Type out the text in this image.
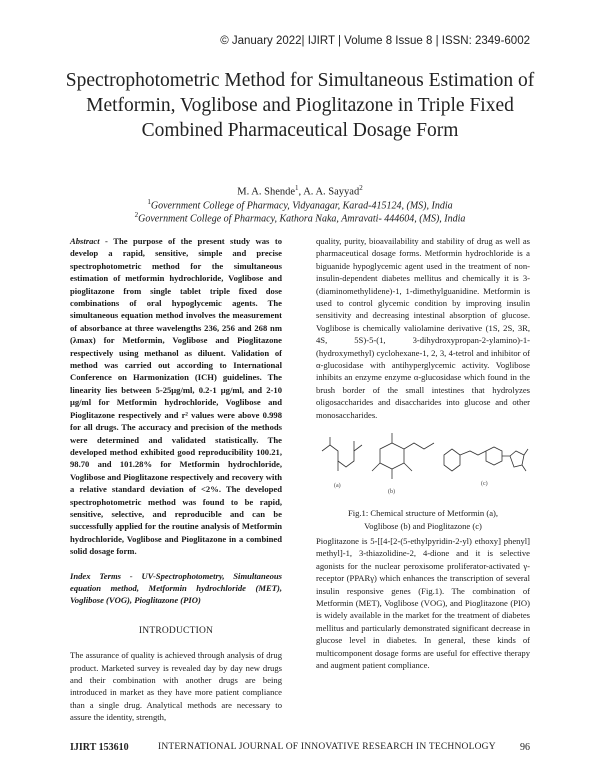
© January 2022| IJIRT | Volume 8 Issue 8 | ISSN: 2349-6002
Spectrophotometric Method for Simultaneous Estimation of Metformin, Voglibose and Pioglitazone in Triple Fixed Combined Pharmaceutical Dosage Form
M. A. Shende$^1$, A. A. Sayyad$^2$
$^1$Government College of Pharmacy, Vidyanagar, Karad-415124, (MS), India
$^2$Government College of Pharmacy, Kathora Naka, Amravati- 444604, (MS), India

Abstract - The purpose of the present study was to develop a rapid, sensitive, simple and precise spectrophotometric method for the simultaneous estimation of metformin hydrochloride, Voglibose and pioglitazone from single tablet triple fixed dose combinations of oral hypoglycemic agents. The simultaneous equation method involves the measurement of absorbance at three wavelengths 236, 256 and 268 nm (λmax) for Metformin, Voglibose and Pioglitazone respectively using methanol as diluent. Validation of method was carried out according to International Conference on Harmonization (ICH) guidelines. The linearity lies between 5-25μg/ml, 0.2-1 μg/ml, and 2-10 μg/ml for Metformin hydrochloride, Voglibose and Pioglitazone respectively and r² values were above 0.998 for all drugs. The accuracy and precision of the methods were determined and validated statistically. The developed method exhibited good reproducibility 100.21, 98.70 and 101.28% for Metformin hydrochloride, Voglibose and Pioglitazone respectively and recovery with a relative standard deviation of <2%. The developed spectrophotometric method was found to be rapid, sensitive, selective, and reproducible and can be successfully applied for the routine analysis of Metformin hydrochloride, Voglibose and Pioglitazone in a combined solid dosage form.

Index Terms - UV-Spectrophotometry, Simultaneous equation method, Metformin hydrochloride (MET), Voglibose (VOG), Pioglitazone (PIO)

INTRODUCTION

The assurance of quality is achieved through analysis of drug product. Marketed survey is revealed day by day new drugs and their combination with another drugs are being introduced in market as they have more patient compliance than a single drug. Analytical methods are necessary to assure the identity, strength,

quality, purity, bioavailability and stability of drug as well as pharmaceutical dosage forms. Metformin hydrochloride is a biguanide hypoglycemic agent used in the treatment of non-insulin-dependent diabetes mellitus and chemically it is 3-(diaminomethylidene)-1, 1-dimethylguanidine. Metformin is used to control glycemic condition by improving insulin sensitivity and decreasing intestinal absorption of glucose. Voglibose is chemically valiolamine derivative (1S, 2S, 3R, 4S, 5S)-5-(1, 3-dihydroxypropan-2-ylamino)-1-(hydroxymethyl) cyclohexane-1, 2, 3, 4-tetrol and inhibitor of α-glucosidase with antihyperglycemic activity. Voglibose inhibits an enzyme enzyme α-glucosidase which found in the brush border of the small intestines that hydrolyzes oligosaccharides and disaccharides into glucose and other monosaccharides.

(a)
(b)
(c)
Fig.1: Chemical structure of Metformin (a),
Voglibose (b) and Pioglitazone (c)

Pioglitazone is 5-[[4-[2-(5-ethylpyridin-2-yl) ethoxy] phenyl] methyl]-1, 3-thiazolidine-2, 4-dione and it is selective agonists for the nuclear peroxisome proliferator-activated γ-receptor (PPARγ) which enhances the transcription of several insulin responsive genes (Fig.1). The combination of Metformin (MET), Voglibose (VOG), and Pioglitazone (PIO) is widely available in the market for the treatment of diabetes mellitus and particularly demonstrated significant decrease in glucose level in diabetes. In general, these kinds of multicomponent dosage forms are useful for effective therapy and augment patient compliance.

IJIRT 153610	INTERNATIONAL JOURNAL OF INNOVATIVE RESEARCH IN TECHNOLOGY 96
